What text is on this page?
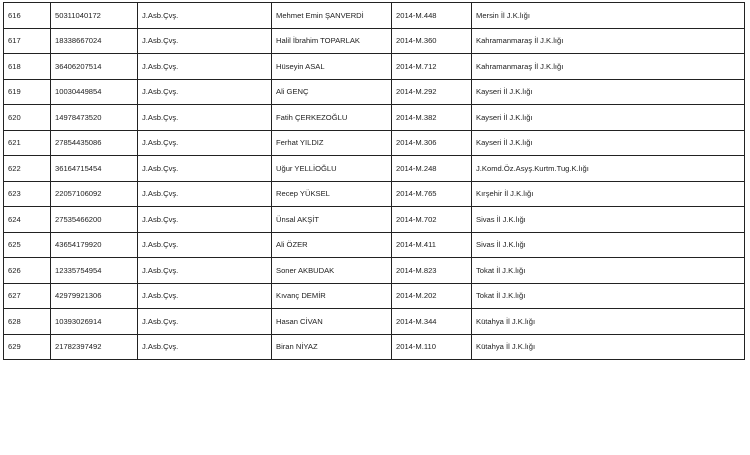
616	50311040172	J.Asb.Çvş.	Mehmet Emin ŞANVERDİ	2014-M.448	Mersin İl J.K.lığı
617	18338667024	J.Asb.Çvş.	Halil İbrahim TOPARLAK	2014-M.360	Kahramanmaraş İl J.K.lığı
618	36406207514	J.Asb.Çvş.	Hüseyin ASAL	2014-M.712	Kahramanmaraş İl J.K.lığı
619	10030449854	J.Asb.Çvş.	Ali GENÇ	2014-M.292	Kayseri İl J.K.lığı
620	14978473520	J.Asb.Çvş.	Fatih ÇERKEZOĞLU	2014-M.382	Kayseri İl J.K.lığı
621	27854435086	J.Asb.Çvş.	Ferhat YILDIZ	2014-M.306	Kayseri İl J.K.lığı
622	36164715454	J.Asb.Çvş.	Uğur YELLİOĞLU	2014-M.248	J.Komd.Öz.Asyş.Kurtm.Tug.K.lığı
623	22057106092	J.Asb.Çvş.	Recep YÜKSEL	2014-M.765	Kırşehir İl J.K.lığı
624	27535466200	J.Asb.Çvş.	Ünsal AKŞİT	2014-M.702	Sivas İl J.K.lığı
625	43654179920	J.Asb.Çvş.	Ali ÖZER	2014-M.411	Sivas İl J.K.lığı
626	12335754954	J.Asb.Çvş.	Soner AKBUDAK	2014-M.823	Tokat İl J.K.lığı
627	42979921306	J.Asb.Çvş.	Kıvanç DEMİR	2014-M.202	Tokat İl J.K.lığı
628	10393026914	J.Asb.Çvş.	Hasan CİVAN	2014-M.344	Kütahya İl J.K.lığı
629	21782397492	J.Asb.Çvş.	Biran NİYAZ	2014-M.110	Kütahya İl J.K.lığı
